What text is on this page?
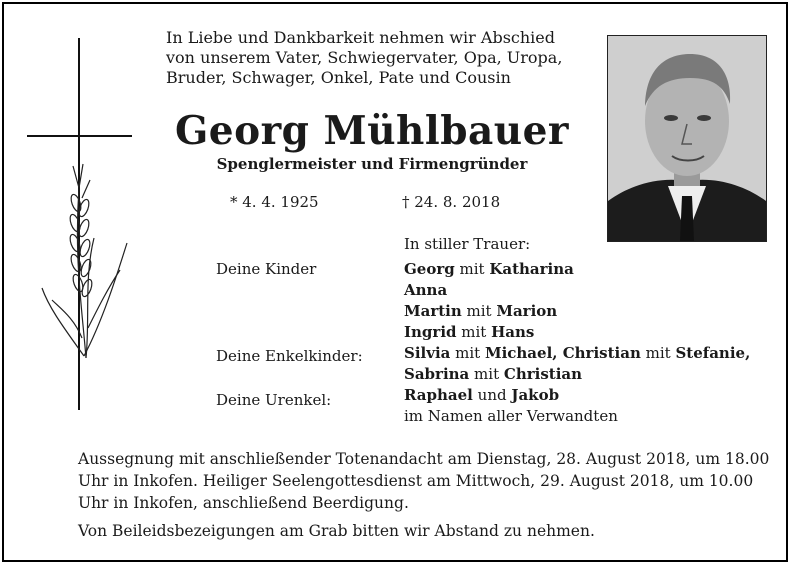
In Liebe und Dankbarkeit nehmen wir Abschied
von unserem Vater, Schwiegervater, Opa, Uropa,
Bruder, Schwager, Onkel, Pate und Cousin
Georg Mühlbauer
Spenglermeister und Firmengründer
* 4. 4. 1925	† 24. 8. 2018
In stiller Trauer:
Deine Kinder
Deine Enkelkinder:
Deine Urenkel:
Georg mit Katharina
Anna
Martin mit Marion
Ingrid mit Hans
Silvia mit Michael, Christian mit Stefanie,
Sabrina mit Christian
Raphael und Jakob
im Namen aller Verwandten
Aussegnung mit anschließender Totenandacht am Dienstag, 28. August 2018, um 18.00 Uhr in Inkofen. Heiliger Seelengottesdienst am Mittwoch, 29. August 2018, um 10.00 Uhr in Inkofen, anschließend Beerdigung.
Von Beileidsbezeigungen am Grab bitten wir Abstand zu nehmen.
